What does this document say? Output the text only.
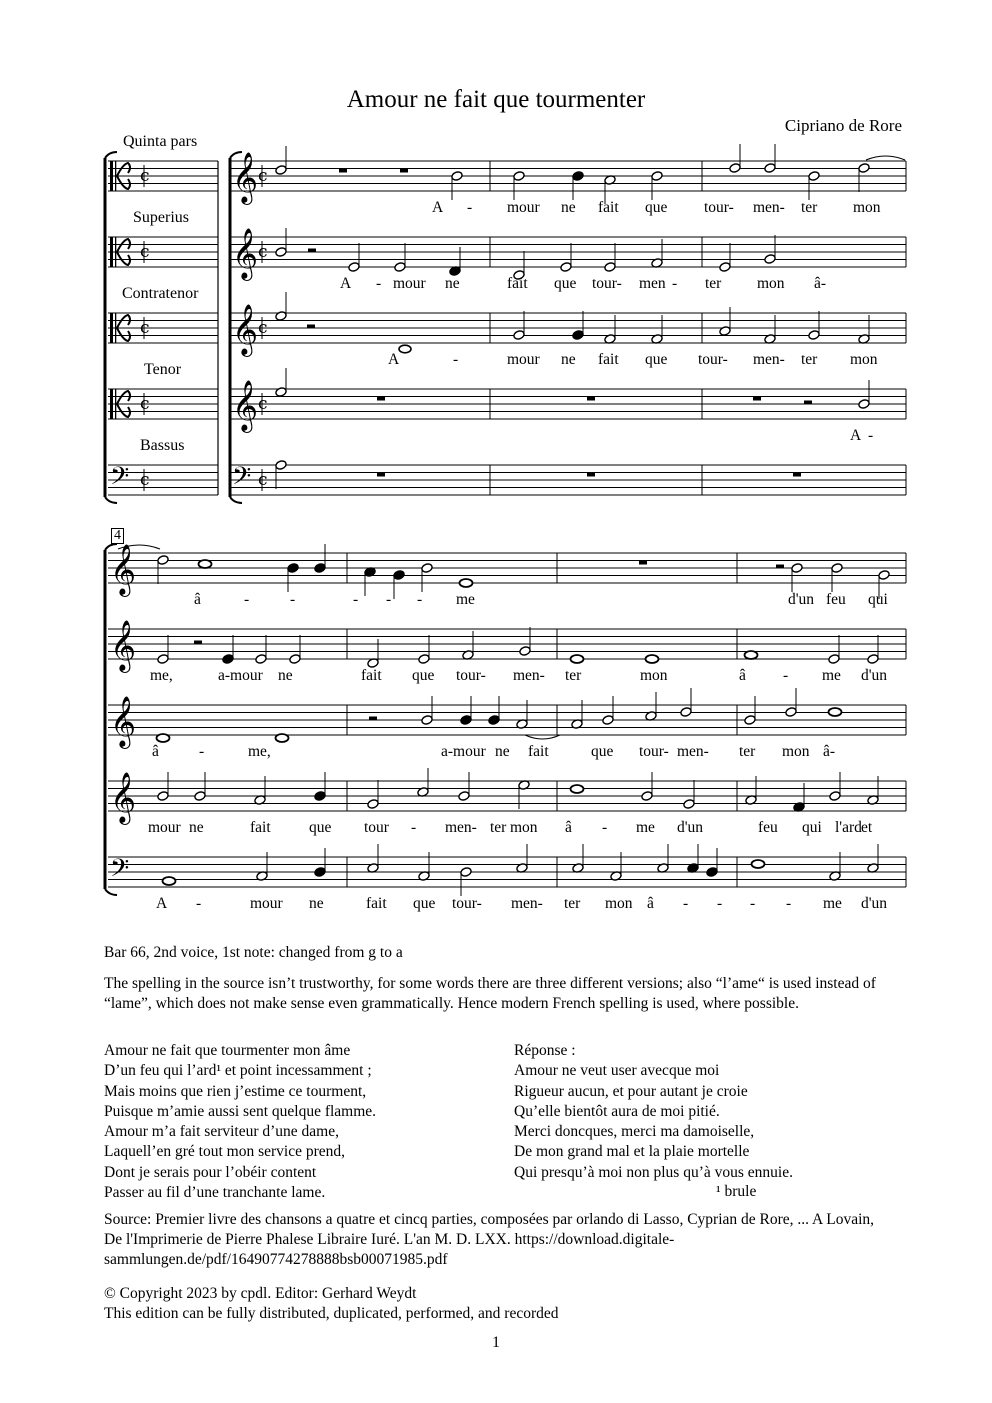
Amour ne fait que tourmenter
Cipriano de Rore
Quinta pars
Superius
Contratenor
Tenor
Bassus
𝄞
c	c
𝄞
c	c
𝄞
c	c
𝄞
c	c
𝄢	𝄢
c	c
𝄞
𝄞
𝄞
𝄞
𝄢
4
A - mour ne fait que tour- men- ter mon
A - mour ne	fait que tour- men - ter mon â-
A	-	mour ne fait que tour- men- ter mon
A -
â	-	-	- - - me	d'un feu qui
me,	a-mour ne	fait que tour- men- ter	mon	â - me d'un
â	-	me,	a-mour ne fait	que tour- men- ter mon â-
mour ne	fait que tour - men- ter mon â - me d'un	feu qui l'ard et
A -	mour ne	fait que tour- men- ter mon â - - - - me d'un
Bar 66, 2nd voice, 1st note: changed from g to a
The spelling in the source isn’t trustworthy, for some words there are three different versions; also “l’ame“ is used instead of “lame”, which does not make sense even grammatically. Hence modern French spelling is used, where possible.
Amour ne fait que tourmenter mon âme
D’un feu qui l’ard¹ et point incessamment ;
Mais moins que rien j’estime ce tourment,
Puisque m’amie aussi sent quelque flamme.
Amour m’a fait serviteur d’une dame,
Laquell’en gré tout mon service prend,
Dont je serais pour l’obéir content
Passer au fil d’une tranchante lame.
Réponse :
Amour ne veut user avecque moi
Rigueur aucun, et pour autant je croie
Qu’elle bientôt aura de moi pitié.
Merci doncques, merci ma damoiselle,
De mon grand mal et la plaie mortelle
Qui presqu’à moi non plus qu’à vous ennuie.
¹ brule
Source: Premier livre des chansons a quatre et cincq parties, composées par orlando di Lasso, Cyprian de Rore, ... A Lovain, De l'Imprimerie de Pierre Phalese Libraire Iuré. L'an M. D. LXX. https://download.digitale-sammlungen.de/pdf/16490774278888bsb00071985.pdf
© Copyright 2023 by cpdl. Editor: Gerhard Weydt
This edition can be fully distributed, duplicated, performed, and recorded
1
